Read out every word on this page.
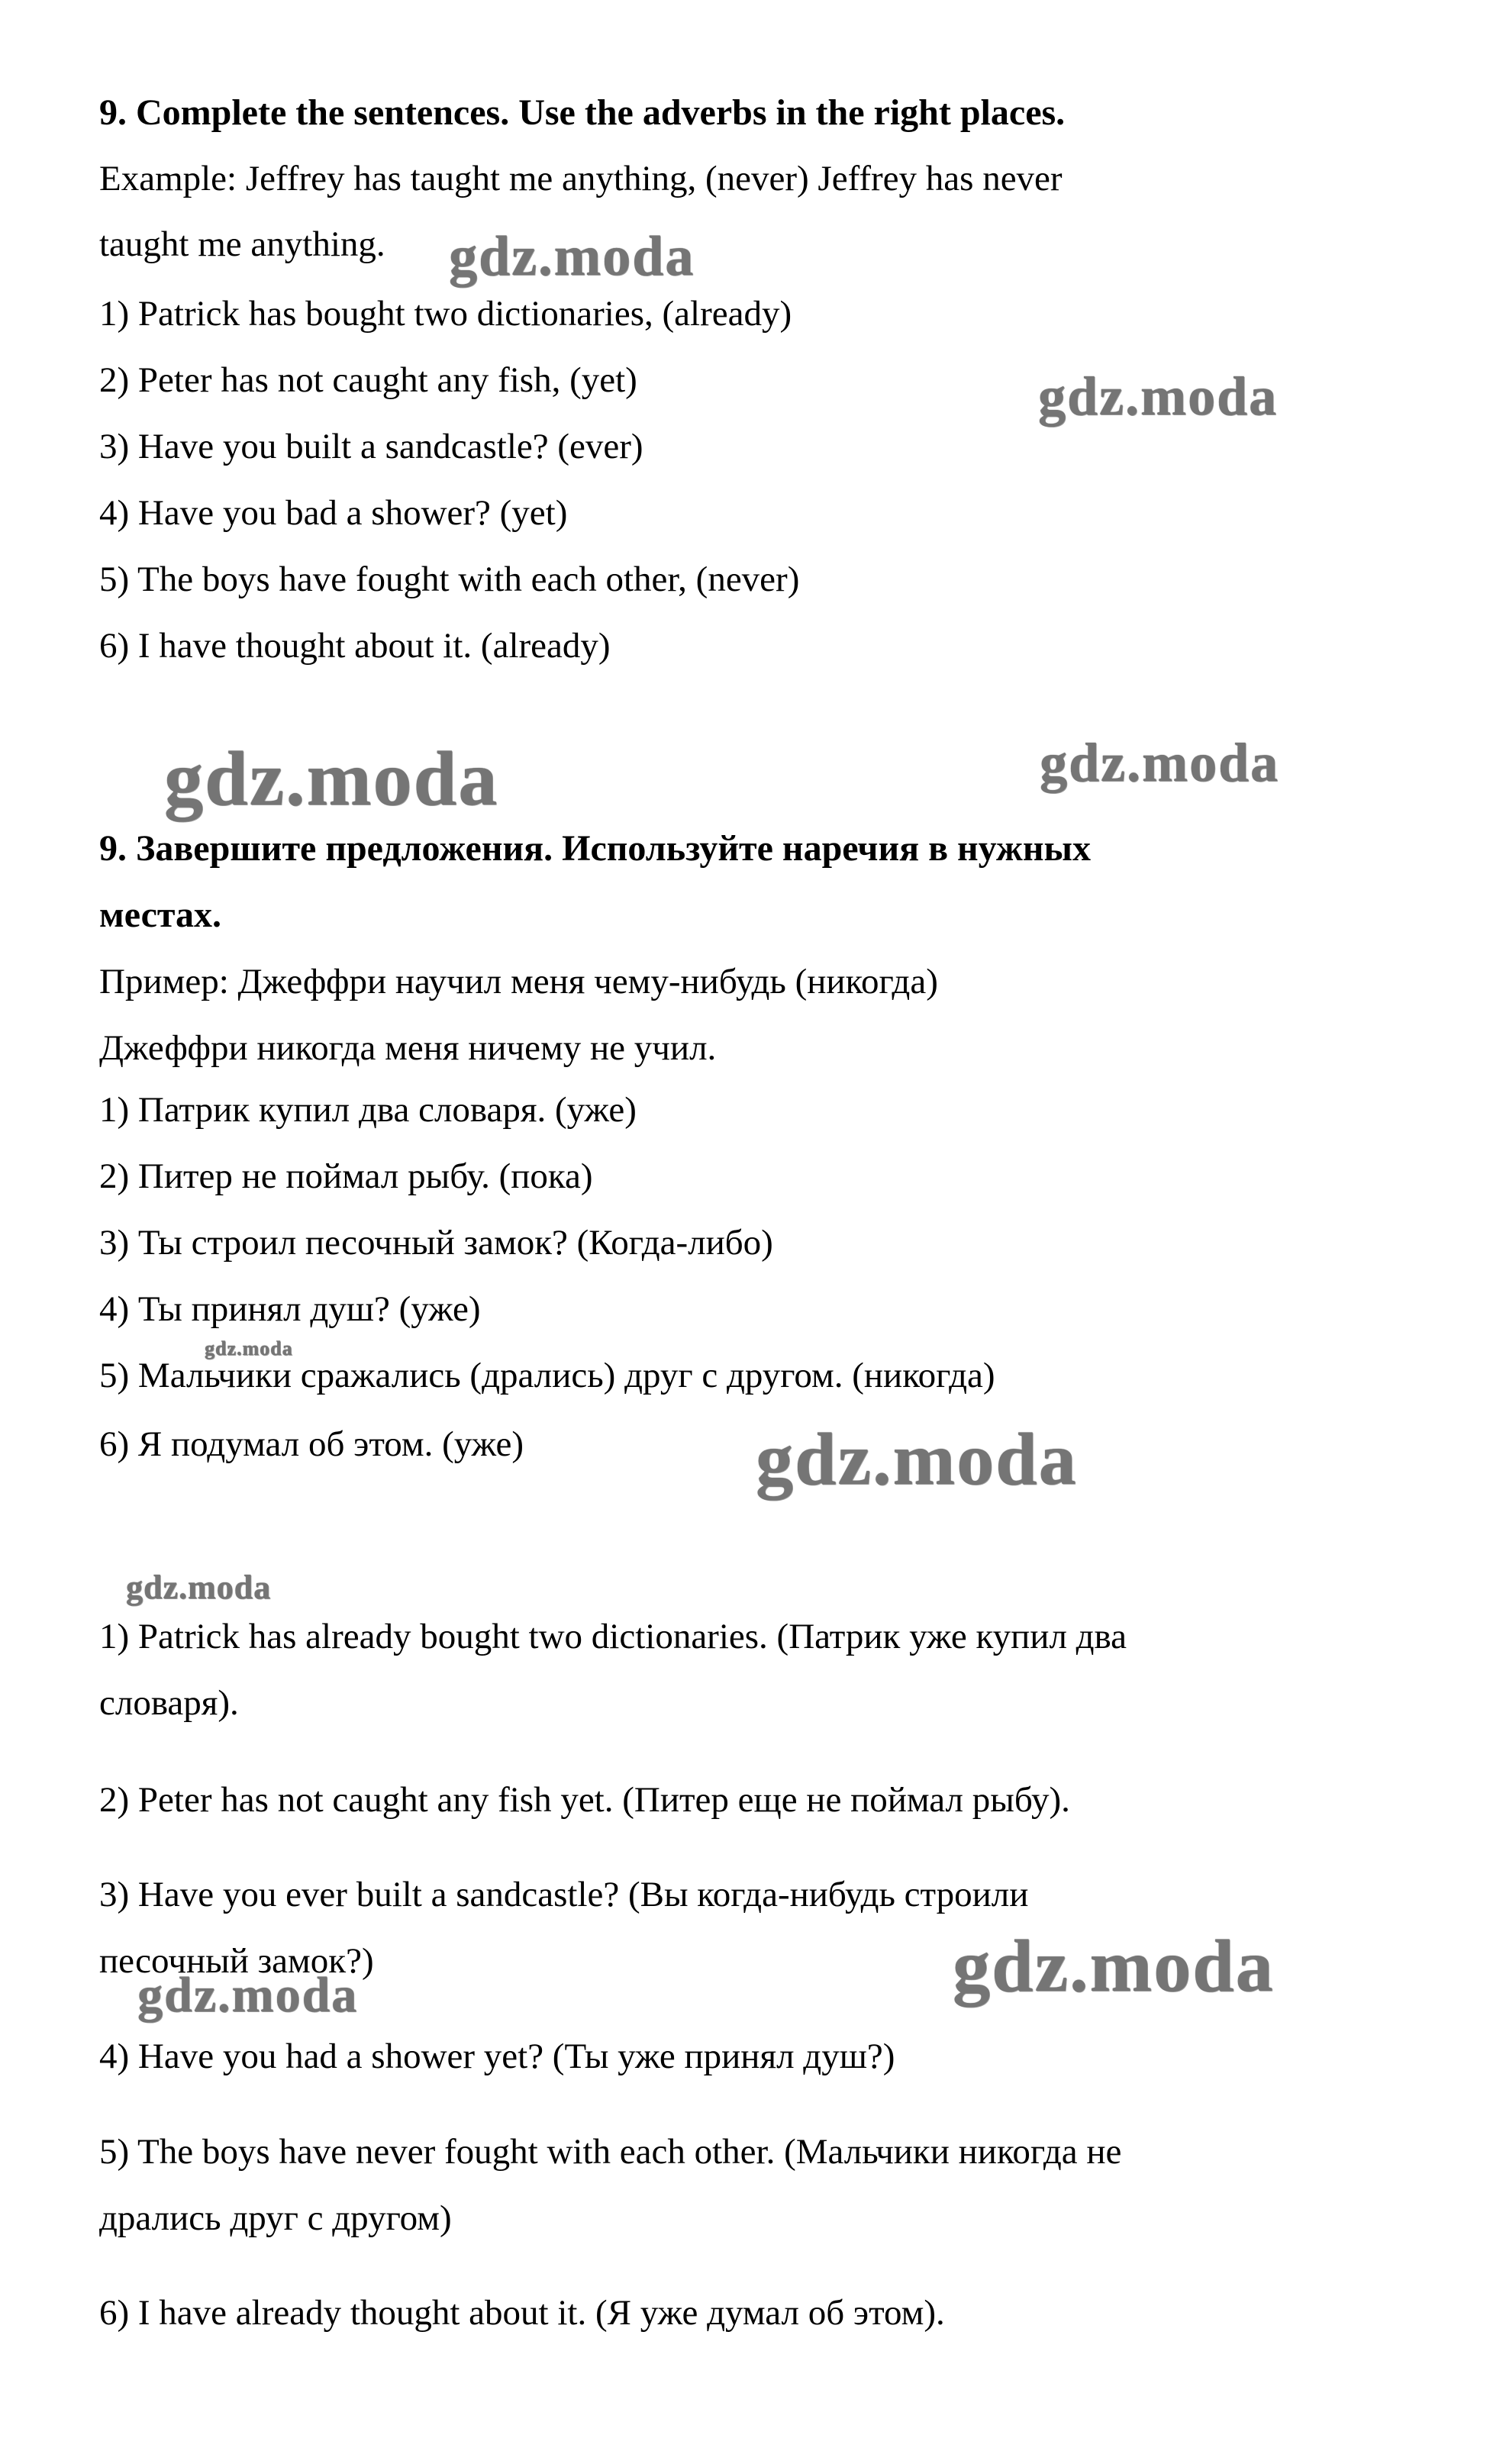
9. Complete the sentences. Use the adverbs in the right places.
Example: Jeffrey has taught me anything, (never) Jeffrey has never
taught me anything.
1) Patrick has bought two dictionaries, (already)
2) Peter has not caught any fish, (yet)
3) Have you built a sandcastle? (ever)
4) Have you bad a shower? (yet)
5) The boys have fought with each other, (never)
6) I have thought about it. (already)
9. Завершите предложения. Используйте наречия в нужных
местах.
Пример: Джеффри научил меня чему-нибудь (никогда)
Джеффри никогда меня ничему не учил.
1) Патрик купил два словаря. (уже)
2) Питер не поймал рыбу. (пока)
3) Ты строил песочный замок? (Когда-либо)
4) Ты принял душ? (уже)
5) Мальчики сражались (дрались) друг с другом. (никогда)
6) Я подумал об этом. (уже)
1) Patrick has already bought two dictionaries. (Патрик уже купил два
словаря).
2) Peter has not caught any fish yet. (Питер еще не поймал рыбу).
3) Have you ever built a sandcastle? (Вы когда-нибудь строили
песочный замок?)
4) Have you had a shower yet? (Ты уже принял душ?)
5) The boys have never fought with each other. (Мальчики никогда не
дрались друг с другом)
6) I have already thought about it. (Я уже думал об этом).
gdz.moda
gdz.moda
gdz.moda	gdz.moda
gdz.moda
gdz.moda
gdz.moda
gdz.moda	gdz.moda
